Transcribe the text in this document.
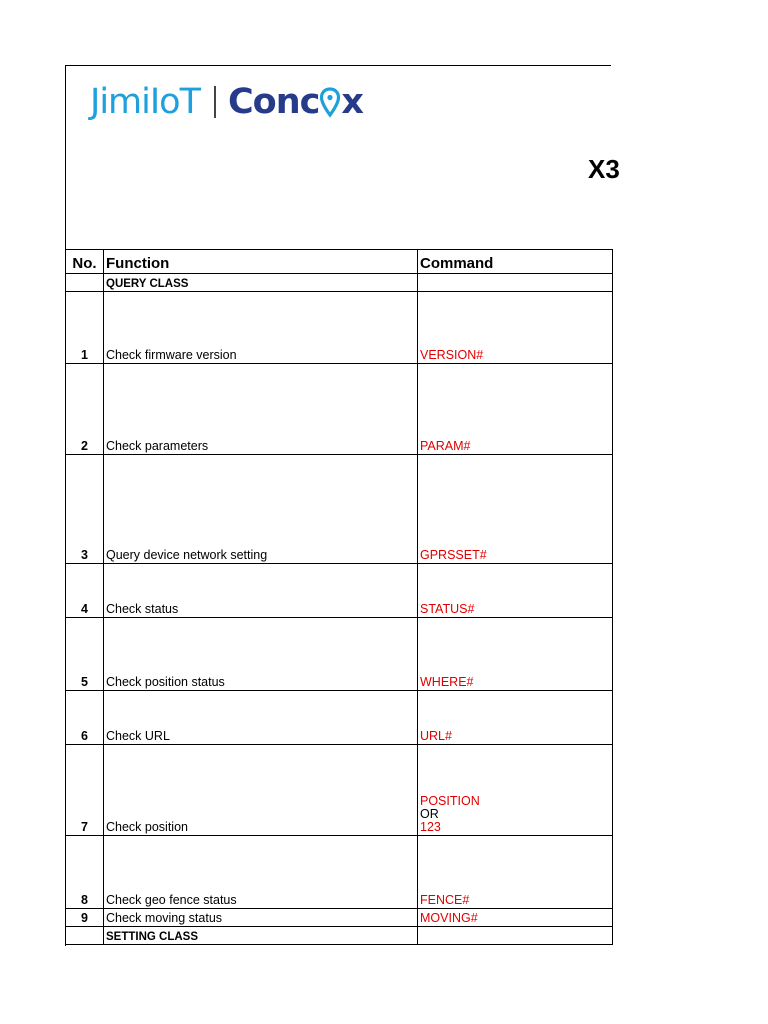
JimiIoT Conc x
X3
No.	Function	Command
	QUERY CLASS	
1	Check firmware version	VERSION#
2	Check parameters	PARAM#
3	Query device network setting	GPRSSET#
4	Check status	STATUS#
5	Check position status	WHERE#
6	Check URL	URL#
7	Check position	POSITION
OR
123

8	Check geo fence status	FENCE#
9	Check moving status	MOVING#
	SETTING CLASS	
